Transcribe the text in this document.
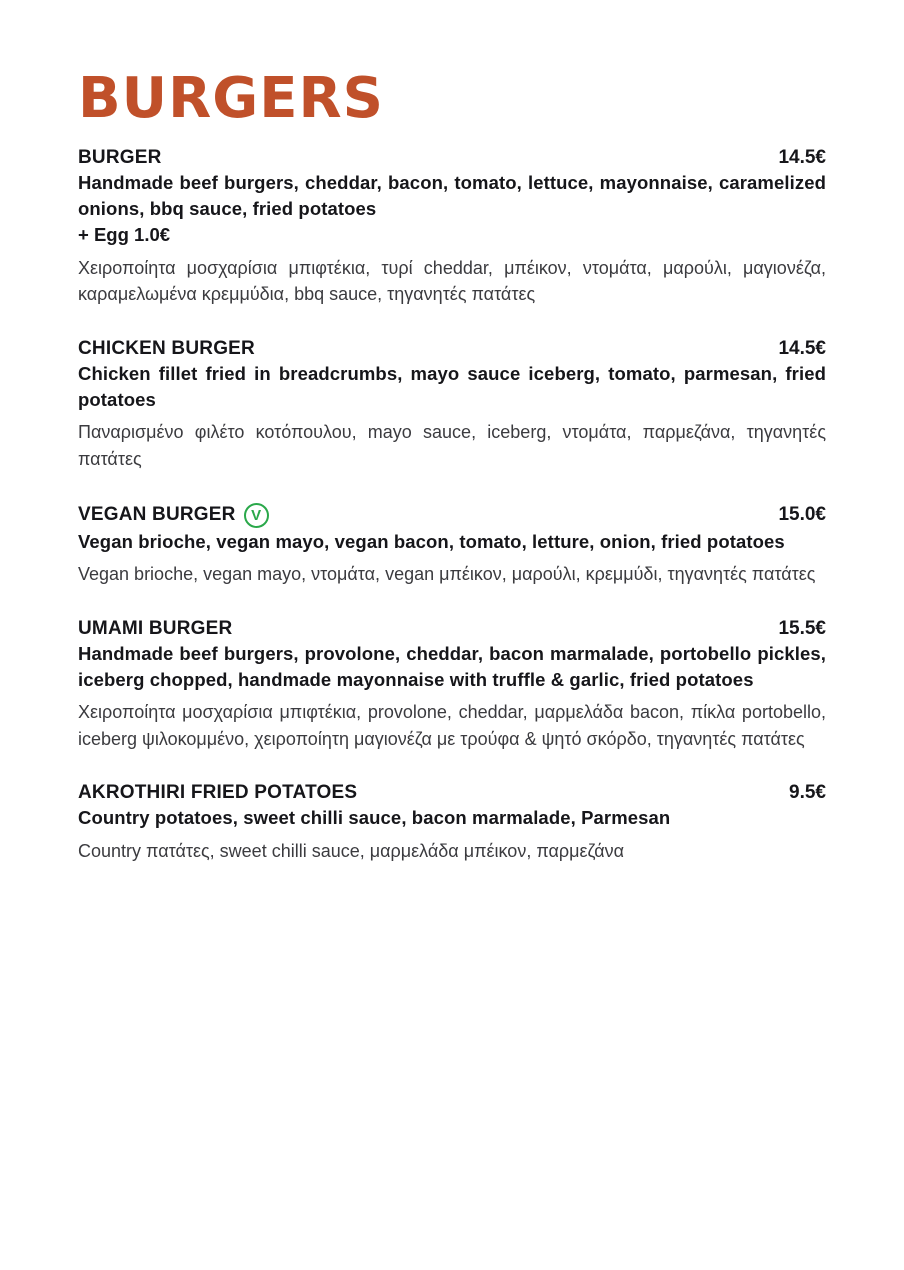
BURGERS
BURGER	14.5€

Handmade beef burgers, cheddar, bacon, tomato, lettuce, mayonnaise, caramelized onions, bbq sauce, fried potatoes

+ Egg 1.0€

Χειροποίητα μοσχαρίσια μπιφτέκια, τυρί cheddar, μπέικον, ντομάτα, μαρούλι, μαγιονέζα, καραμελωμένα κρεμμύδια, bbq sauce, τηγανητές πατάτες

CHICKEN BURGER	14.5€

Chicken fillet fried in breadcrumbs, mayo sauce iceberg, tomato, parmesan, fried potatoes

Παναρισμένο φιλέτο κοτόπουλου, mayo sauce, iceberg, ντομάτα, παρμεζάνα, τηγανητές πατάτες

VEGAN BURGER	V	15.0€

Vegan brioche, vegan mayo, vegan bacon, tomato, letture, onion, fried potatoes

Vegan brioche, vegan mayo, ντομάτα, vegan μπέικον, μαρούλι, κρεμμύδι, τηγανητές πατάτες

UMAMI BURGER	15.5€

Handmade beef burgers, provolone, cheddar, bacon marmalade, portobello pickles, iceberg chopped, handmade mayonnaise with truffle & garlic, fried potatoes

Χειροποίητα μοσχαρίσια μπιφτέκια, provolone, cheddar, μαρμελάδα bacon, πίκλα portobello, iceberg ψιλοκομμένο, χειροποίητη μαγιονέζα με τρούφα & ψητό σκόρδο, τηγανητές πατάτες

AKROTHIRI FRIED POTATOES	9.5€

Country potatoes, sweet chilli sauce, bacon marmalade, Parmesan

Country πατάτες, sweet chilli sauce, μαρμελάδα μπέικον, παρμεζάνα
